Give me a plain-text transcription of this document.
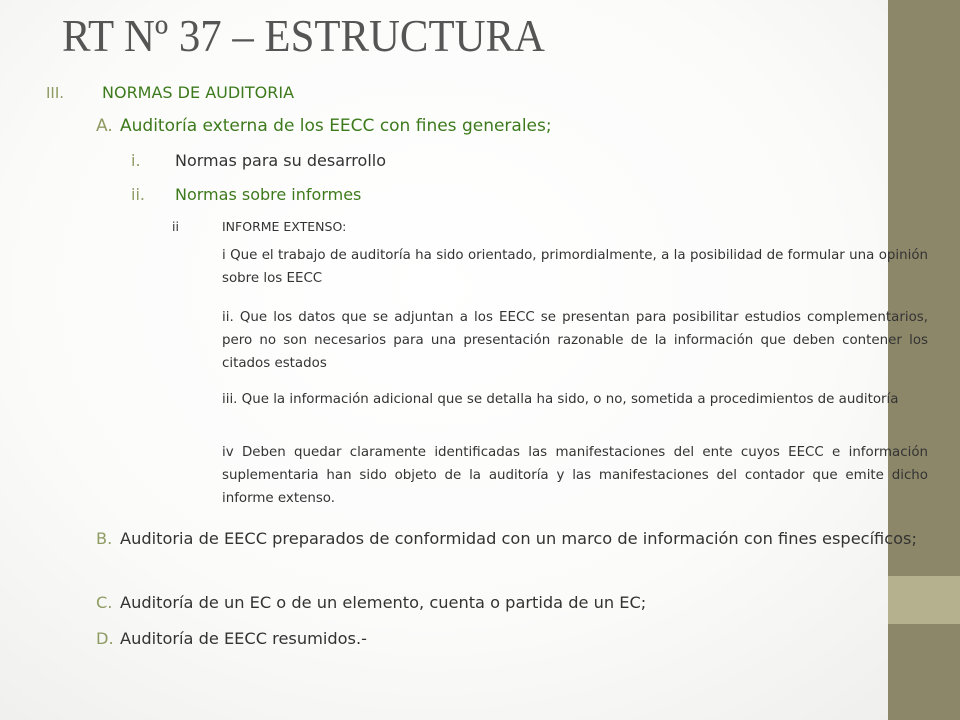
RT Nº 37 – ESTRUCTURA

III. NORMAS DE AUDITORIA

A. Auditoría externa de los EECC con fines generales;

i. Normas para su desarrollo

ii. Normas sobre informes

ii	INFORME EXTENSO:

i Que el trabajo de auditoría ha sido orientado, primordialmente, a la posibilidad de formular una opinión sobre los EECC

ii. Que los datos que se adjuntan a los EECC se presentan para posibilitar estudios complementarios, pero no son necesarios para una presentación razonable de la información que deben contener los citados estados

iii. Que la información adicional que se detalla ha sido, o no, sometida a procedimientos de auditoría

iv Deben quedar claramente identificadas las manifestaciones del ente cuyos EECC e información suplementaria han sido objeto de la auditoría y las manifestaciones del contador que emite dicho informe extenso.

B. Auditoria de EECC preparados de conformidad con un marco de información con fines específicos;

C. Auditoría de un EC o de un elemento, cuenta o partida de un EC;

D. Auditoría de EECC resumidos.-
